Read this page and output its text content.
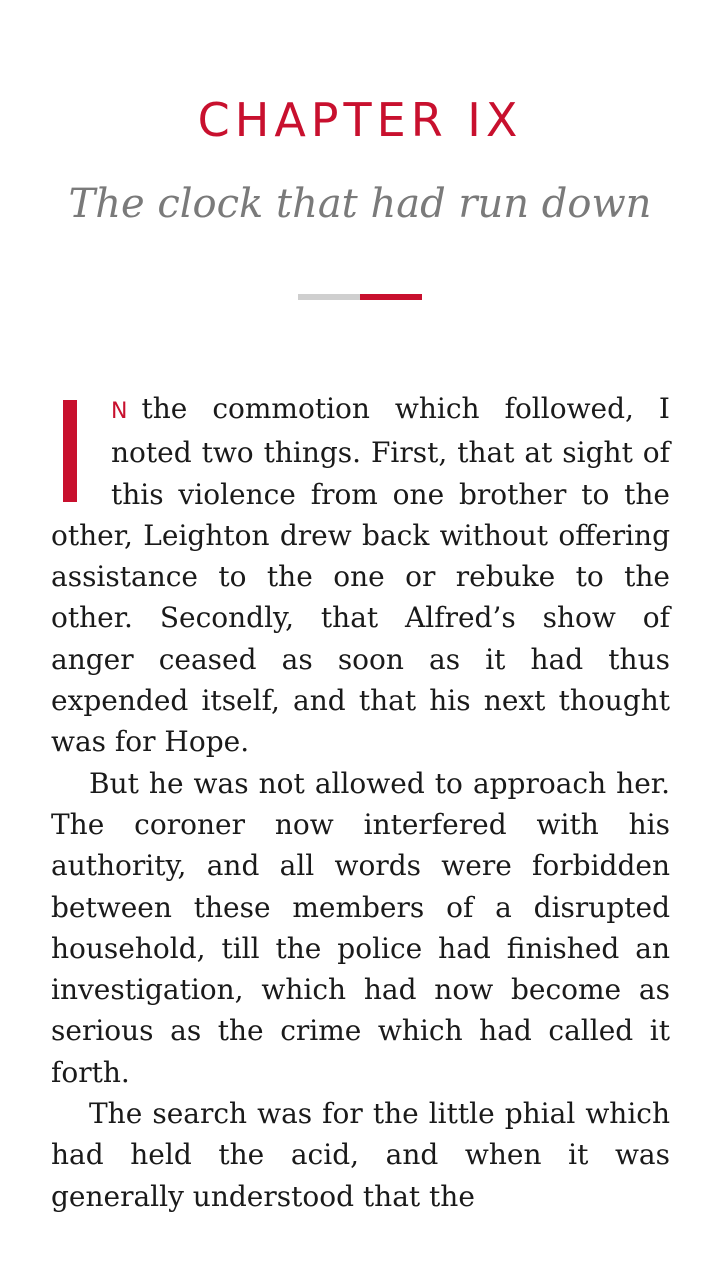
CHAPTER IX
The clock that had run down

N the commotion which followed, I noted two things. First, that at sight of this violence from one brother to the other, Leighton drew back without offering assistance to the one or rebuke to the other. Secondly, that Alfred’s show of anger ceased as soon as it had thus expended itself, and that his next thought was for Hope.

But he was not allowed to approach her. The coroner now interfered with his authority, and all words were forbidden between these members of a disrupted household, till the police had finished an investigation, which had now become as serious as the crime which had called it forth.

The search was for the little phial which had held the acid, and when it was generally understood that the
